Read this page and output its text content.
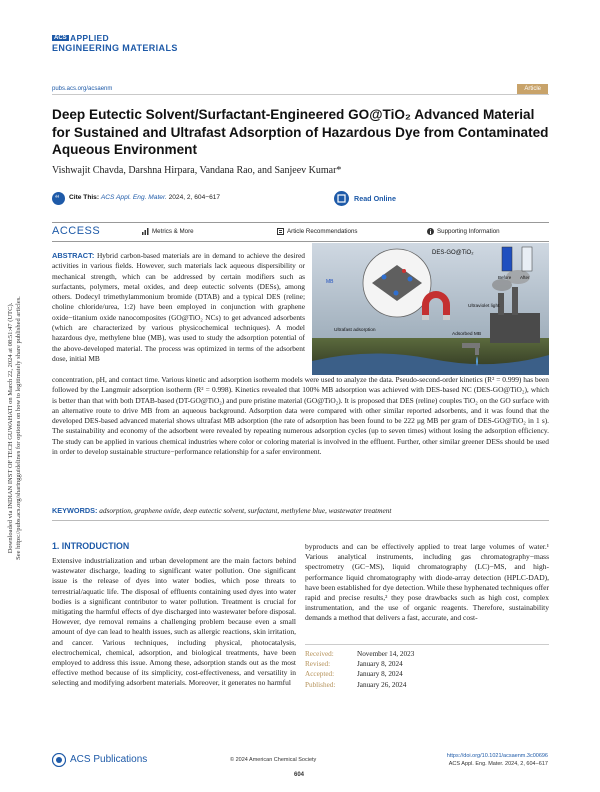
Downloaded via INDIAN INST OF TECH GUWAHATI on March 22, 2024 at 08:51:47 (UTC). See https://pubs.acs.org/sharingguidelines for options on how to legitimately share published articles.
ACS APPLIED
ENGINEERING MATERIALS
pubs.acs.org/acsaenm	Article
Deep Eutectic Solvent/Surfactant-Engineered GO@TiO₂ Advanced Material for Sustained and Ultrafast Adsorption of Hazardous Dye from Contaminated Aqueous Environment
Vishwajit Chavda, Darshna Hirpara, Vandana Rao, and Sanjeev Kumar*
“ Cite This: ACS Appl. Eng. Mater. 2024, 2, 604−617	Read Online
ACCESS	Metrics & More	Article Recommendations	Supporting Information
ABSTRACT: Hybrid carbon-based materials are in demand to achieve the desired activities in various fields. However, such materials lack aqueous dispersibility or mechanical strength, which can be addressed by certain modifiers such as surfactants, polymers, metal oxides, and deep eutectic solvents (DESs), among others. Dodecyl trimethylammonium bromide (DTAB) and a typical DES (reline; choline chloride/urea, 1:2) have been employed in conjunction with graphene oxide−titanium oxide nanocomposites (GO@TiO₂ NCs) to get advanced adsorbents (which are characterized by various physicochemical techniques). A model hazardous dye, methylene blue (MB), was used to study the adsorption potential of the above-developed material. The process was optimized in terms of the adsorbent dose, initial MB
DES-GO@TiO₂
Ultraviolet light
Ultrafast adsorption
Before After
MB
Adsorbed MB
concentration, pH, and contact time. Various kinetic and adsorption isotherm models were used to analyze the data. Pseudo-second-order kinetics (R² = 0.999) has been followed by the Langmuir adsorption isotherm (R² = 0.998). Kinetics revealed that 100% MB adsorption was achieved with DES-based NC (DES-GO@TiO₂), which is better than that with both DTAB-based (DT-GO@TiO₂) and pure pristine material (GO@TiO₂). It is proposed that DES (reline) couples TiO₂ on the GO surface with an alternative route to drive MB from an aqueous background. Adsorption data were compared with other similar reported adsorbents, and it was found that the developed DES-based advanced material shows ultrafast MB adsorption (the rate of adsorption has been found to be 222 μg MB per gram of DES-GO@TiO₂ in 1 s). The sustainability and economy of the adsorbent were revealed by repeating numerous adsorption cycles (up to seven times) without losing the adsorption efficiency. The study can be applied in various chemical industries where color or coloring material is involved in the effluent. Further, other similar greener DESs should be used in order to develop sustainable structure−performance relationship for a safer environment.
KEYWORDS: adsorption, graphene oxide, deep eutectic solvent, surfactant, methylene blue, wastewater treatment
1. INTRODUCTION
Extensive industrialization and urban development are the main factors behind wastewater discharge, leading to significant water pollution. One significant issue is the release of dyes into water bodies, which pose threats to terrestrial/aquatic life. The disposal of effluents containing used dyes into water bodies is a significant contributor to water pollution. Treatment is crucial for mitigating the harmful effects of dye discharged into wastewater before disposal. However, dye removal remains a challenging problem because even a small amount of dye can lead to health issues, such as allergic reactions, skin irritation, and cancer. Various techniques, including physical, photocatalysis, electrochemical, chemical, adsorption, and biological treatments, have been employed to address this issue. Among these, adsorption stands out as the most effective method because of its simplicity, cost-effectiveness, and versatility in selecting and modifying adsorbent materials. Moreover, it generates no harmful
byproducts and can be effectively applied to treat large volumes of water.¹ Various analytical instruments, including gas chromatography−mass spectrometry (GC−MS), liquid chromatography (LC)−MS, and high-performance liquid chromatography with diode-array detection (HPLC-DAD), have been established for dye detection. While these hyphenated techniques offer rapid and precise results,² they pose drawbacks such as high cost, complex instrumentation, and the use of organic reagents. Therefore, sustainability demands a method that delivers a fast, accurate, and cost-
Received:	November 14, 2023
Revised:	January 8, 2024
Accepted:	January 8, 2024
Published:	January 26, 2024
ACS Publications	© 2024 American Chemical Society
604
https://doi.org/10.1021/acsaenm.3c00696
ACS Appl. Eng. Mater. 2024, 2, 604−617
